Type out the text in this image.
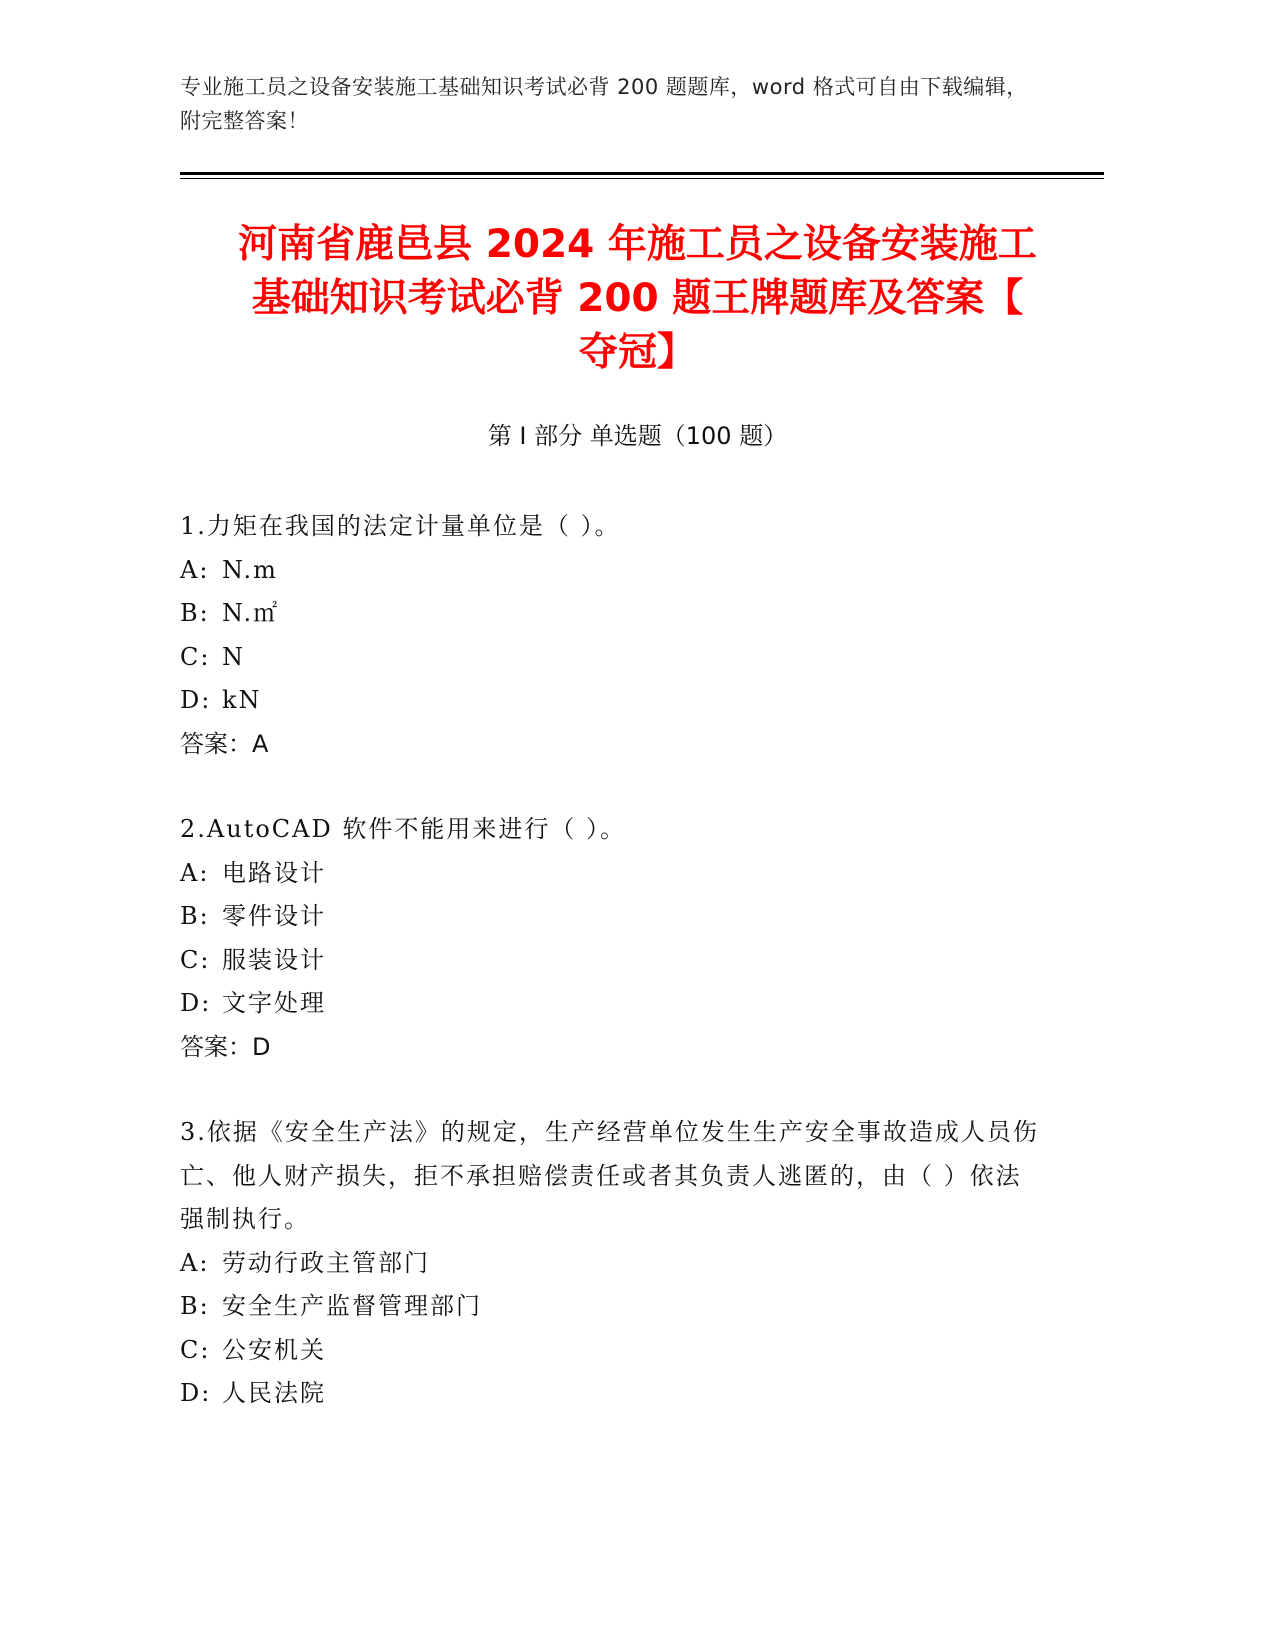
专业施工员之设备安装施工基础知识考试必背 200 题题库，word 格式可自由下载编辑，附完整答案！
河南省鹿邑县 2024 年施工员之设备安装施工
基础知识考试必背 200 题王牌题库及答案【
夺冠】
第 I 部分 单选题（100 题）
1.力矩在我国的法定计量单位是（ ）。
A: N.m
B: N.㎡
C: N
D: kN
答案：A
2.AutoCAD 软件不能用来进行（ ）。
A: 电路设计
B: 零件设计
C: 服装设计
D: 文字处理
答案：D
3.依据《安全生产法》的规定，生产经营单位发生生产安全事故造成人员伤亡、他人财产损失，拒不承担赔偿责任或者其负责人逃匿的，由（ ）依法强制执行。
A: 劳动行政主管部门
B: 安全生产监督管理部门
C: 公安机关
D: 人民法院
